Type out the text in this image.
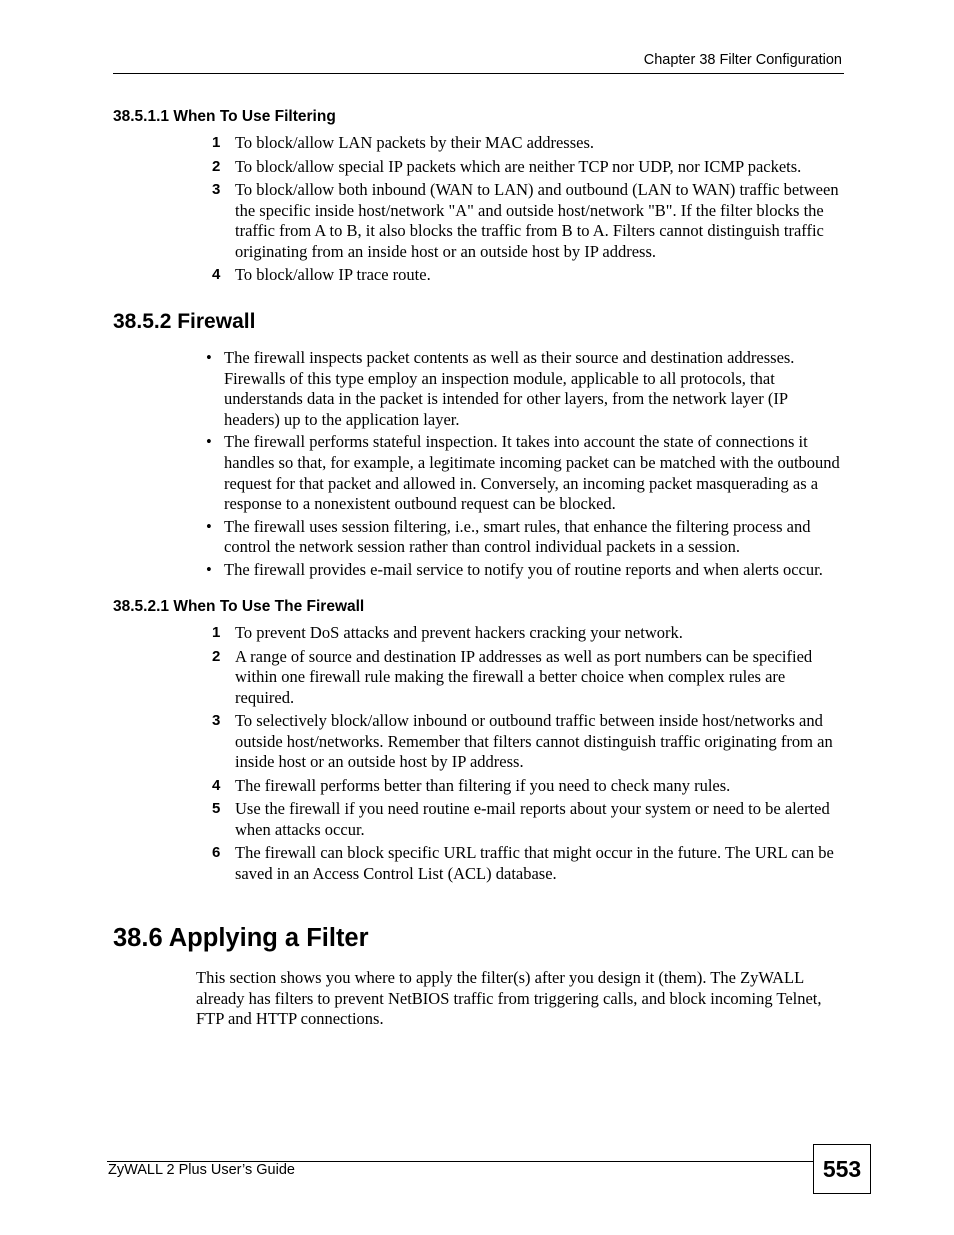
Chapter 38 Filter Configuration
38.5.1.1 When To Use Filtering
1 To block/allow LAN packets by their MAC addresses.
2 To block/allow special IP packets which are neither TCP nor UDP, nor ICMP packets.
3 To block/allow both inbound (WAN to LAN) and outbound (LAN to WAN) traffic between the specific inside host/network "A" and outside host/network "B". If the filter blocks the traffic from A to B, it also blocks the traffic from B to A. Filters cannot distinguish traffic originating from an inside host or an outside host by IP address.
4 To block/allow IP trace route.
38.5.2 Firewall
• The firewall inspects packet contents as well as their source and destination addresses. Firewalls of this type employ an inspection module, applicable to all protocols, that understands data in the packet is intended for other layers, from the network layer (IP headers) up to the application layer.
• The firewall performs stateful inspection. It takes into account the state of connections it handles so that, for example, a legitimate incoming packet can be matched with the outbound request for that packet and allowed in. Conversely, an incoming packet masquerading as a response to a nonexistent outbound request can be blocked.
• The firewall uses session filtering, i.e., smart rules, that enhance the filtering process and control the network session rather than control individual packets in a session.
• The firewall provides e-mail service to notify you of routine reports and when alerts occur.
38.5.2.1 When To Use The Firewall
1 To prevent DoS attacks and prevent hackers cracking your network.
2 A range of source and destination IP addresses as well as port numbers can be specified within one firewall rule making the firewall a better choice when complex rules are required.
3 To selectively block/allow inbound or outbound traffic between inside host/networks and outside host/networks. Remember that filters cannot distinguish traffic originating from an inside host or an outside host by IP address.
4 The firewall performs better than filtering if you need to check many rules.
5 Use the firewall if you need routine e-mail reports about your system or need to be alerted when attacks occur.
6 The firewall can block specific URL traffic that might occur in the future. The URL can be saved in an Access Control List (ACL) database.
38.6 Applying a Filter

This section shows you where to apply the filter(s) after you design it (them). The ZyWALL already has filters to prevent NetBIOS traffic from triggering calls, and block incoming Telnet, FTP and HTTP connections.

ZyWALL 2 Plus User’s Guide	553
